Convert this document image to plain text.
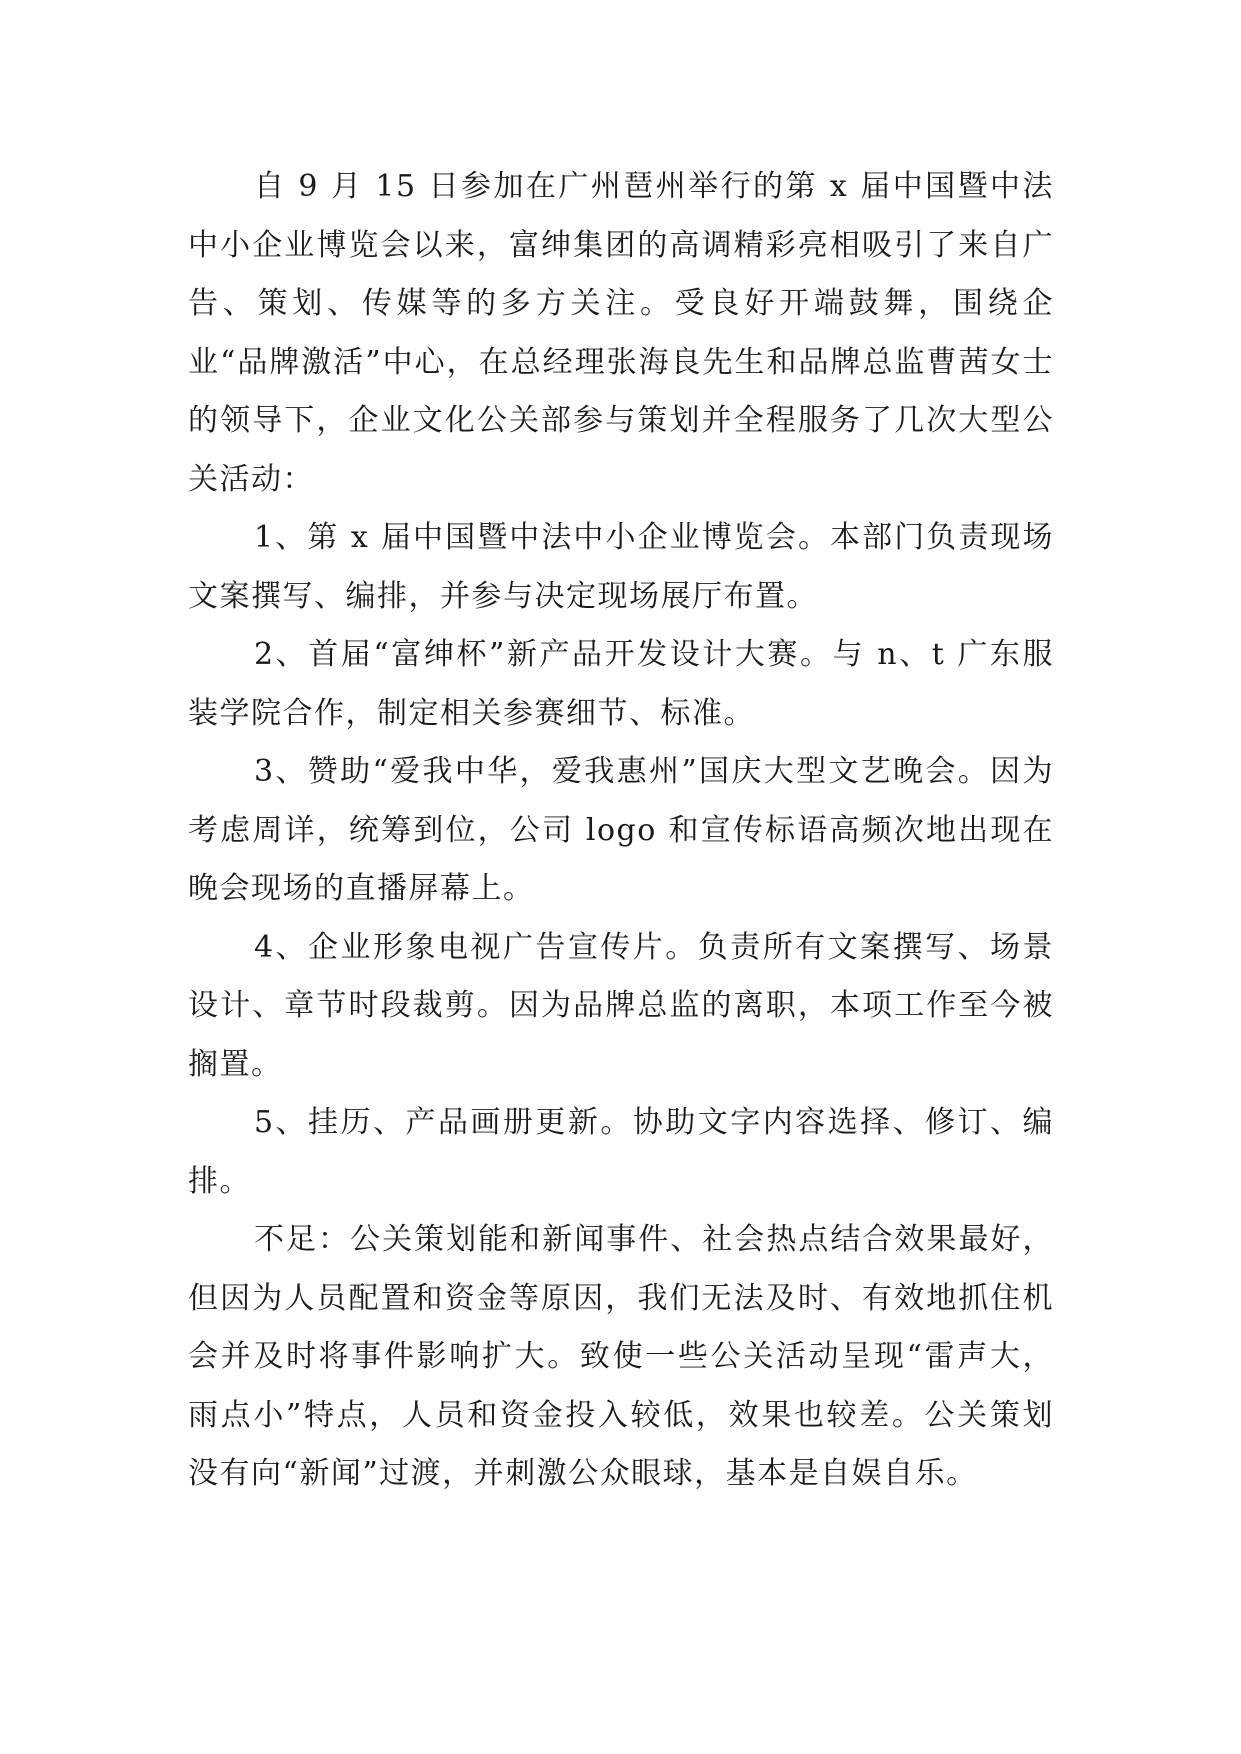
自 9 月 15 日参加在广州琶州举行的第 x 届中国暨中法中小企业博览会以来，富绅集团的高调精彩亮相吸引了来自广告、策划、传媒等的多方关注。受良好开端鼓舞，围绕企业“品牌激活”中心，在总经理张海良先生和品牌总监曹茜女士的领导下，企业文化公关部参与策划并全程服务了几次大型公关活动：

1、第 x 届中国暨中法中小企业博览会。本部门负责现场文案撰写、编排，并参与决定现场展厅布置。

2、首届“富绅杯”新产品开发设计大赛。与 n、t 广东服装学院合作，制定相关参赛细节、标准。

3、赞助“爱我中华，爱我惠州”国庆大型文艺晚会。因为考虑周详，统筹到位，公司 logo 和宣传标语高频次地出现在晚会现场的直播屏幕上。

4、企业形象电视广告宣传片。负责所有文案撰写、场景设计、章节时段裁剪。因为品牌总监的离职，本项工作至今被搁置。

5、挂历、产品画册更新。协助文字内容选择、修订、编排。

不足：公关策划能和新闻事件、社会热点结合效果最好，但因为人员配置和资金等原因，我们无法及时、有效地抓住机会并及时将事件影响扩大。致使一些公关活动呈现“雷声大，雨点小”特点，人员和资金投入较低，效果也较差。公关策划没有向“新闻”过渡，并刺激公众眼球，基本是自娱自乐。
